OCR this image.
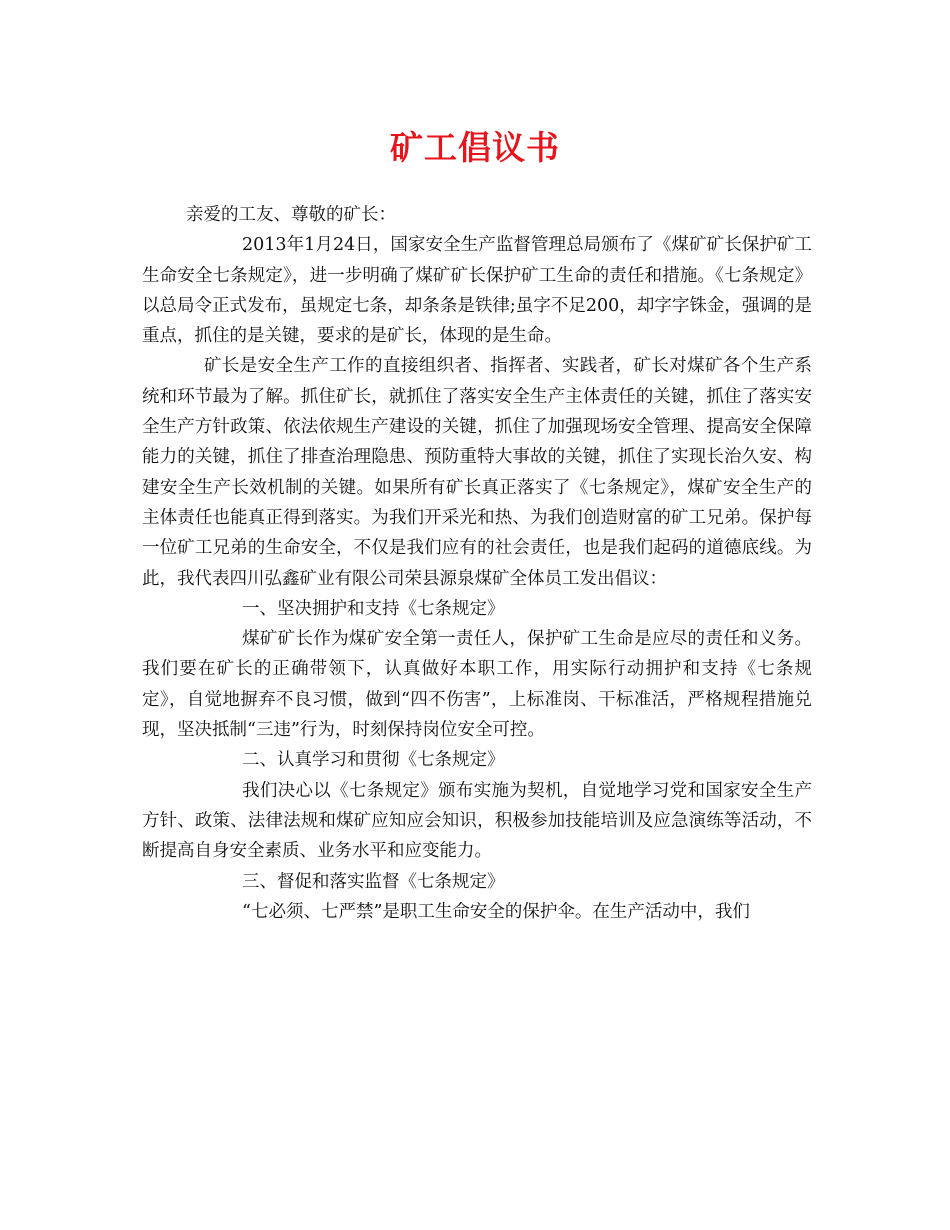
矿工倡议书

亲爱的工友、尊敬的矿长：

2013年1月24日，国家安全生产监督管理总局颁布了《煤矿矿长保护矿工生命安全七条规定》，进一步明确了煤矿矿长保护矿工生命的责任和措施。《七条规定》以总局令正式发布，虽规定七条，却条条是铁律;虽字不足200，却字字铢金，强调的是重点，抓住的是关键，要求的是矿长，体现的是生命。

矿长是安全生产工作的直接组织者、指挥者、实践者，矿长对煤矿各个生产系统和环节最为了解。抓住矿长，就抓住了落实安全生产主体责任的关键，抓住了落实安全生产方针政策、依法依规生产建设的关键，抓住了加强现场安全管理、提高安全保障能力的关键，抓住了排查治理隐患、预防重特大事故的关键，抓住了实现长治久安、构建安全生产长效机制的关键。如果所有矿长真正落实了《七条规定》，煤矿安全生产的主体责任也能真正得到落实。为我们开采光和热、为我们创造财富的矿工兄弟。保护每一位矿工兄弟的生命安全，不仅是我们应有的社会责任，也是我们起码的道德底线。为此，我代表四川弘鑫矿业有限公司荣县源泉煤矿全体员工发出倡议：

一、坚决拥护和支持《七条规定》

煤矿矿长作为煤矿安全第一责任人，保护矿工生命是应尽的责任和义务。我们要在矿长的正确带领下，认真做好本职工作，用实际行动拥护和支持《七条规定》，自觉地摒弃不良习惯，做到“四不伤害”，上标准岗、干标准活，严格规程措施兑现，坚决抵制“三违”行为，时刻保持岗位安全可控。

二、认真学习和贯彻《七条规定》

我们决心以《七条规定》颁布实施为契机，自觉地学习党和国家安全生产方针、政策、法律法规和煤矿应知应会知识，积极参加技能培训及应急演练等活动，不断提高自身安全素质、业务水平和应变能力。

三、督促和落实监督《七条规定》

“七必须、七严禁”是职工生命安全的保护伞。在生产活动中，我们
